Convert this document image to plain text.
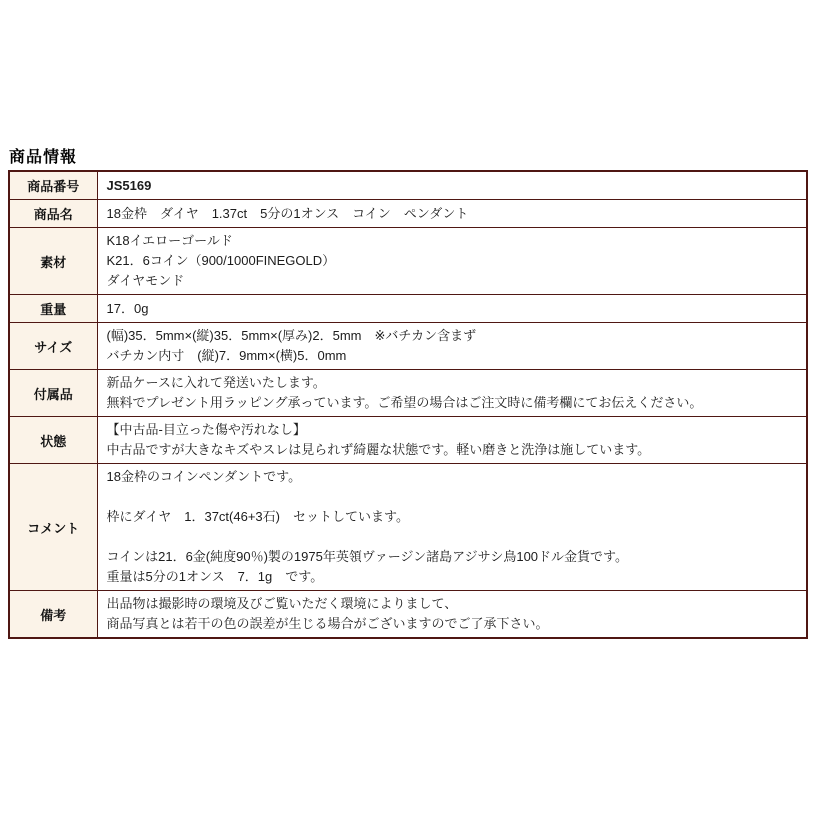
商品情報
商品番号	JS5169

商品名	18金枠　ダイヤ　1.37ct　5分の1オンス　コイン　ペンダント

素材	K18イエローゴールド
K21．6コイン（900/1000FINEGOLD）
ダイヤモンド

重量	17．0g

サイズ	(幅)35．5mm×(縦)35．5mm×(厚み)2．5mm　※バチカン含まず
バチカン内寸　(縦)7．9mm×(横)5．0mm

付属品	新品ケースに入れて発送いたします。
無料でプレゼント用ラッピング承っています。ご希望の場合はご注文時に備考欄にてお伝えください。

状態	【中古品-目立った傷や汚れなし】
中古品ですが大きなキズやスレは見られず綺麗な状態です。軽い磨きと洗浄は施しています。

コメント	18金枠のコインペンダントです。
枠にダイヤ　1．37ct(46+3石)　セットしています。
コインは21．6金(純度90％)製の1975年英領ヴァージン諸島アジサシ鳥100ドル金貨です。
重量は5分の1オンス　7．1g　です。

備考	出品物は撮影時の環境及びご覧いただく環境によりまして、
商品写真とは若干の色の誤差が生じる場合がございますのでご了承下さい。
